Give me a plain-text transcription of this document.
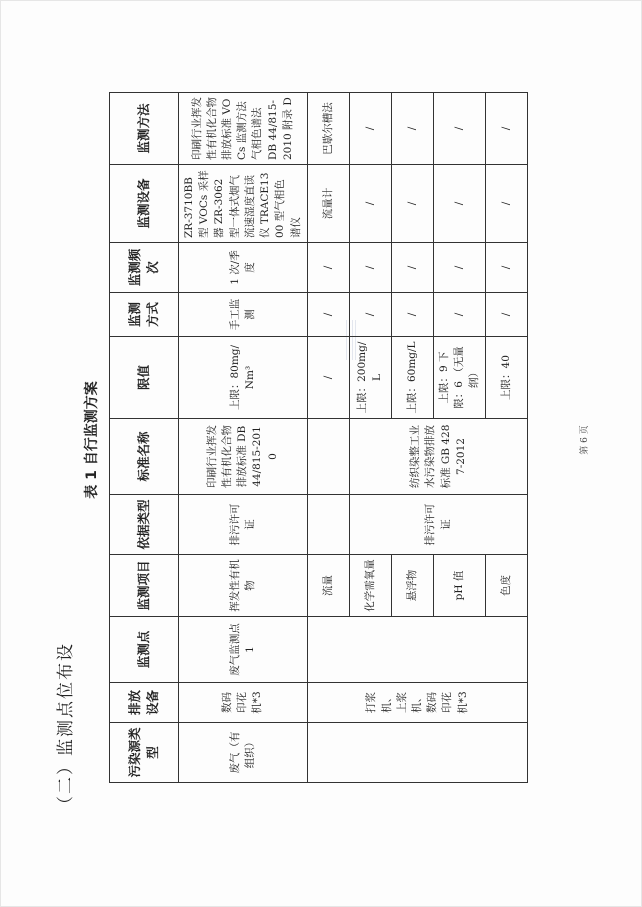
（二）监测点位布设
表 1 自行监测方案
污染源类型	排放设备	监测点	监测项目	依据类型	标准名称	限值	监测方式	监测频次	监测设备	监测方法
废气（有组织）	数码印花机*3	废气监测点 1	挥发性有机物	排污许可证	印刷行业挥发性有机化合物排放标准 DB44/815-2010	上限：80mg/Nm³	手工监测	1 次/季度	ZR-3710BB 型 VOCs 采样器 ZR-3062 型一体式烟气流速湿度直读仪 TRACE1300 型气相色谱仪	印刷行业挥发性有机化合物排放标准 VOCs 监测方法 气相色谱法 DB 44/815-2010 附录 D
	打浆机、上浆机、数码印花机*3		流量			/	/	/	流量计	巴歇尔槽法
			化学需氧量	排污许可证	纺织染整工业水污染物排放标准 GB 4287-2012	上限：200mg/L	/	/	/	/
			悬浮物			上限：60mg/L	/	/	/	/
			pH 值			上限：9 下限：6 （无量纲）	/	/	/	/
			色度			上限：40	/	/	/	/
第 6 页
